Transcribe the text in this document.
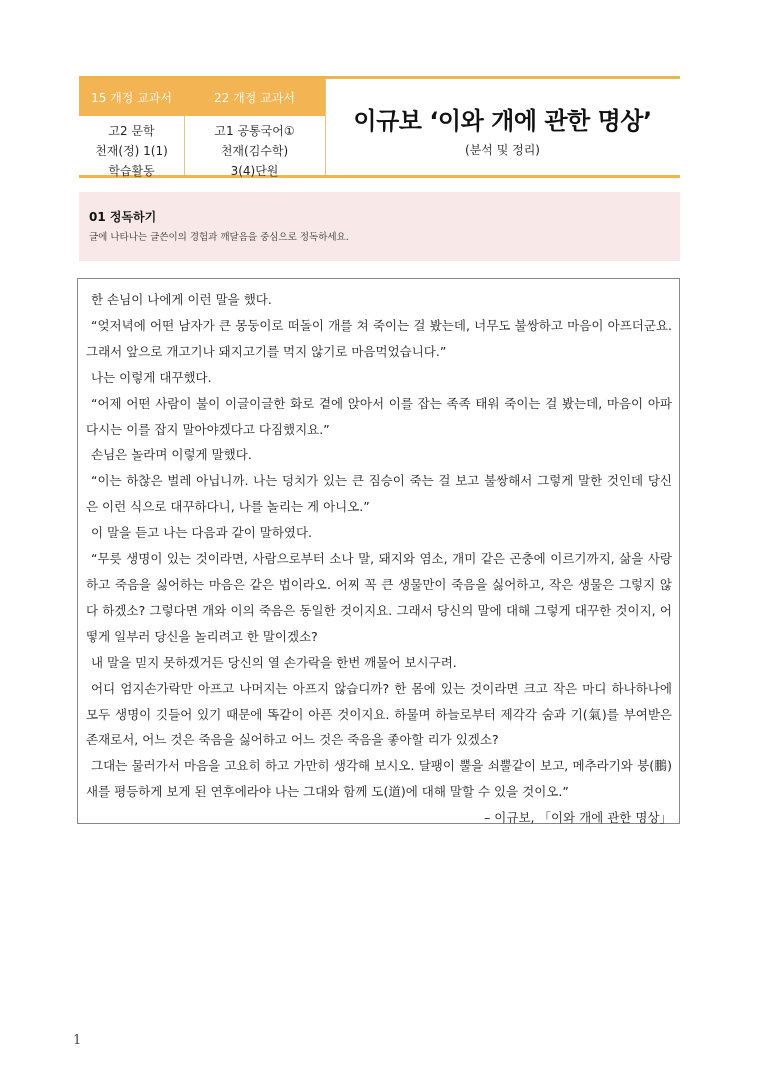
15 개정 교과서
고2 문학
천재(정) 1(1)
학습활동
22 개정 교과서
고1 공통국어①
천재(김수학)
3(4)단원
이규보 ‘이와 개에 관한 명상’
(분석 및 정리)
01 정독하기
글에 나타나는 글쓴이의 경험과 깨달음을 중심으로 정독하세요.

한 손님이 나에게 이런 말을 했다.

“엊저녁에 어떤 남자가 큰 몽둥이로 떠돌이 개를 쳐 죽이는 걸 봤는데, 너무도 불쌍하고 마음이 아프더군요. 그래서 앞으로 개고기나 돼지고기를 먹지 않기로 마음먹었습니다.”

나는 이렇게 대꾸했다.

“어제 어떤 사람이 불이 이글이글한 화로 곁에 앉아서 이를 잡는 족족 태워 죽이는 걸 봤는데, 마음이 아파 다시는 이를 잡지 말아야겠다고 다짐했지요.”

손님은 놀라며 이렇게 말했다.

“이는 하찮은 벌레 아닙니까. 나는 덩치가 있는 큰 짐승이 죽는 걸 보고 불쌍해서 그렇게 말한 것인데 당신은 이런 식으로 대꾸하다니, 나를 놀리는 게 아니오.”

이 말을 듣고 나는 다음과 같이 말하였다.

“무릇 생명이 있는 것이라면, 사람으로부터 소나 말, 돼지와 염소, 개미 같은 곤충에 이르기까지, 삶을 사랑하고 죽음을 싫어하는 마음은 같은 법이라오. 어찌 꼭 큰 생물만이 죽음을 싫어하고, 작은 생물은 그렇지 않다 하겠소? 그렇다면 개와 이의 죽음은 동일한 것이지요. 그래서 당신의 말에 대해 그렇게 대꾸한 것이지, 어떻게 일부러 당신을 놀리려고 한 말이겠소?

내 말을 믿지 못하겠거든 당신의 열 손가락을 한번 깨물어 보시구려.

어디 엄지손가락만 아프고 나머지는 아프지 않습디까? 한 몸에 있는 것이라면 크고 작은 마디 하나하나에 모두 생명이 깃들어 있기 때문에 똑같이 아픈 것이지요. 하물며 하늘로부터 제각각 숨과 기(氣)를 부여받은 존재로서, 어느 것은 죽음을 싫어하고 어느 것은 죽음을 좋아할 리가 있겠소?

그대는 물러가서 마음을 고요히 하고 가만히 생각해 보시오. 달팽이 뿔을 쇠뿔같이 보고, 메추라기와 붕(鵬)새를 평등하게 보게 된 연후에라야 나는 그대와 함께 도(道)에 대해 말할 수 있을 것이오.”

– 이규보, 「이와 개에 관한 명상」
1
